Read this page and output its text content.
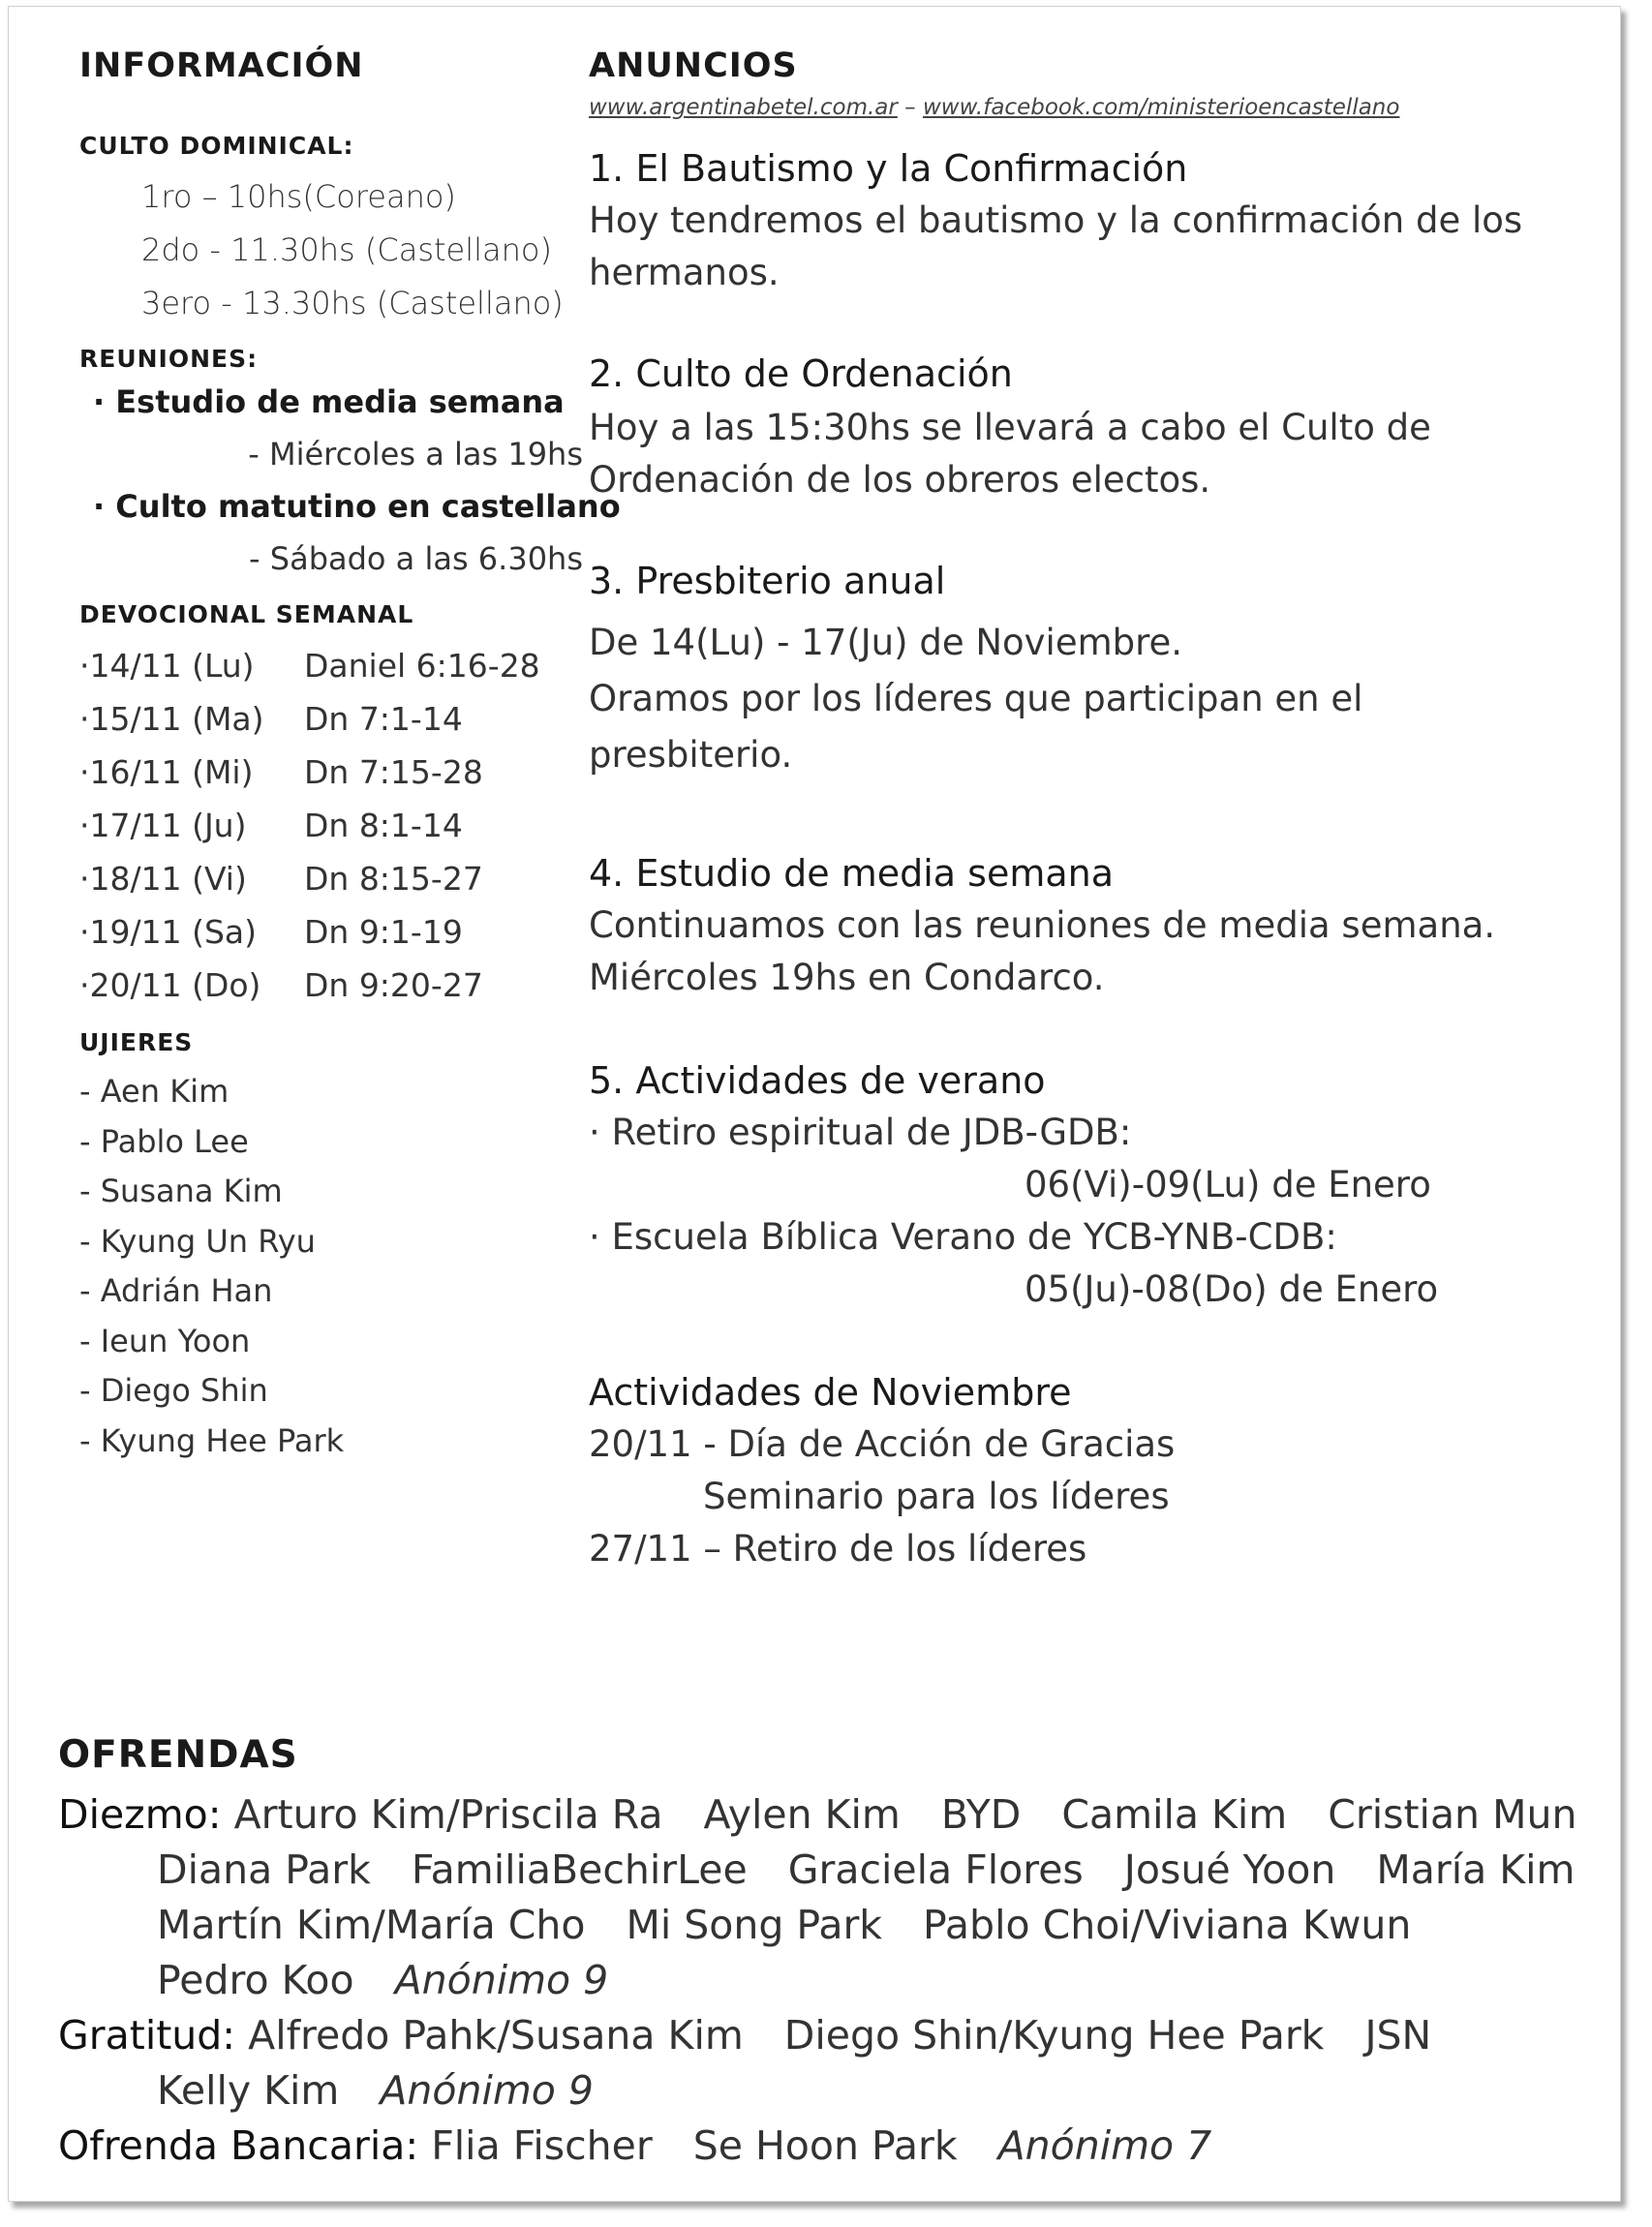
INFORMACIÓN
CULTO DOMINICAL:
1ro – 10hs(Coreano)
2do - 11.30hs (Castellano)
3ero - 13.30hs (Castellano)
REUNIONES:
· Estudio de media semana
- Miércoles a las 19hs
· Culto matutino en castellano
- Sábado a las 6.30hs
DEVOCIONAL SEMANAL
·14/11 (Lu) Daniel 6:16-28
·15/11 (Ma) Dn 7:1-14
·16/11 (Mi) Dn 7:15-28
·17/11 (Ju) Dn 8:1-14
·18/11 (Vi) Dn 8:15-27
·19/11 (Sa) Dn 9:1-19
·20/11 (Do) Dn 9:20-27
UJIERES
- Aen Kim
- Pablo Lee
- Susana Kim
- Kyung Un Ryu
- Adrián Han
- Ieun Yoon
- Diego Shin
- Kyung Hee Park
ANUNCIOS
www.argentinabetel.com.ar – www.facebook.com/ministerioencastellano
1. El Bautismo y la Confirmación
Hoy tendremos el bautismo y la confirmación de los
hermanos.
2. Culto de Ordenación
Hoy a las 15:30hs se llevará a cabo el Culto de
Ordenación de los obreros electos.
3. Presbiterio anual
De 14(Lu) - 17(Ju) de Noviembre.
Oramos por los líderes que participan en el
presbiterio.
4. Estudio de media semana
Continuamos con las reuniones de media semana.
Miércoles 19hs en Condarco.
5. Actividades de verano
· Retiro espiritual de JDB-GDB:
06(Vi)-09(Lu) de Enero
· Escuela Bíblica Verano de YCB-YNB-CDB:
05(Ju)-08(Do) de Enero
Actividades de Noviembre
20/11 - Día de Acción de Gracias
Seminario para los líderes
27/11 – Retiro de los líderes
OFRENDAS
Diezmo: Arturo Kim/Priscila Ra Aylen Kim BYD Camila Kim Cristian Mun
Diana Park FamiliaBechirLee Graciela Flores Josué Yoon María Kim
Martín Kim/María Cho Mi Song Park Pablo Choi/Viviana Kwun
Pedro Koo Anónimo 9
Gratitud: Alfredo Pahk/Susana Kim Diego Shin/Kyung Hee Park JSN
Kelly Kim Anónimo 9
Ofrenda Bancaria: Flia Fischer Se Hoon Park Anónimo 7
